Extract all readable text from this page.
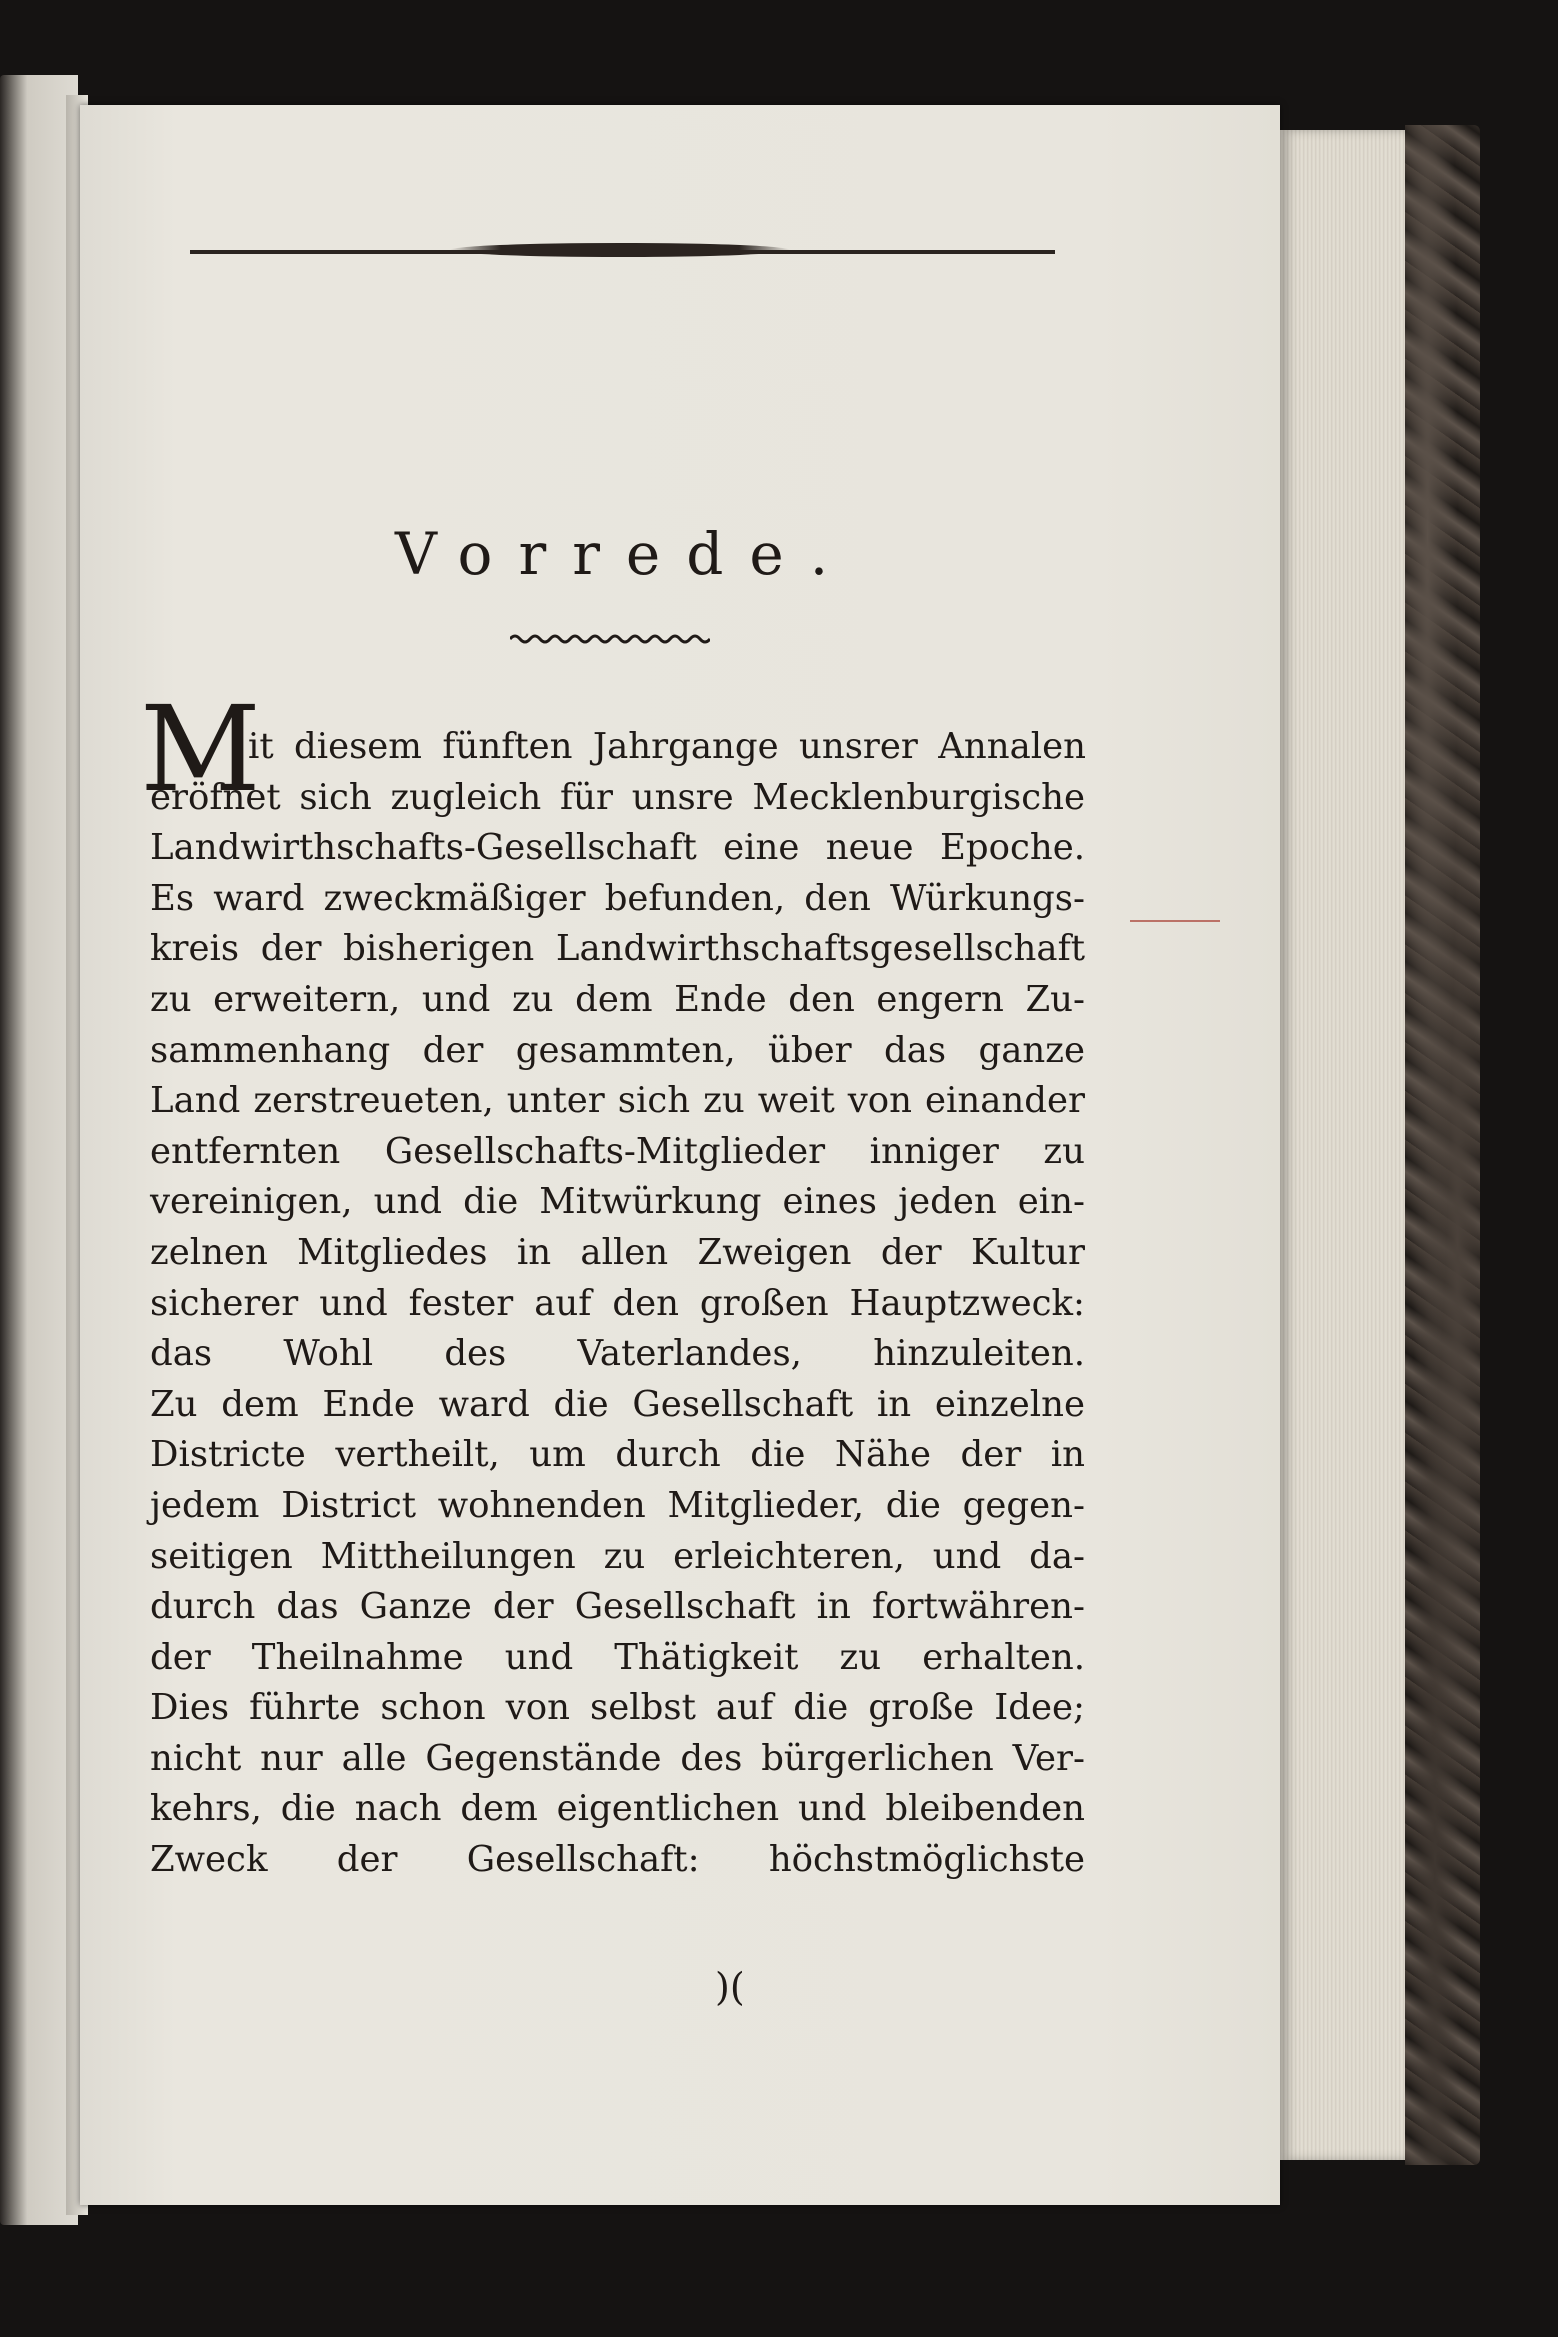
Vorrede.
M
it diesem fünften Jahrgange unsrer Annalen
eröfnet sich zugleich für unsre Mecklenburgische
Landwirthschafts-Gesellschaft eine neue Epoche.
Es ward zweckmäßiger befunden, den Würkungs-
kreis der bisherigen Landwirthschaftsgesellschaft
zu erweitern, und zu dem Ende den engern Zu-
sammenhang der gesammten, über das ganze
Land zerstreueten, unter sich zu weit von einander
entfernten Gesellschafts-Mitglieder inniger zu
vereinigen, und die Mitwürkung eines jeden ein-
zelnen Mitgliedes in allen Zweigen der Kultur
sicherer und fester auf den großen Hauptzweck:
das Wohl des Vaterlandes, hinzuleiten.
Zu dem Ende ward die Gesellschaft in einzelne
Districte vertheilt, um durch die Nähe der in
jedem District wohnenden Mitglieder, die gegen-
seitigen Mittheilungen zu erleichteren, und da-
durch das Ganze der Gesellschaft in fortwähren-
der Theilnahme und Thätigkeit zu erhalten.
Dies führte schon von selbst auf die große Idee;
nicht nur alle Gegenstände des bürgerlichen Ver-
kehrs, die nach dem eigentlichen und bleibenden
Zweck der Gesellschaft: höchstmöglichste
)(
